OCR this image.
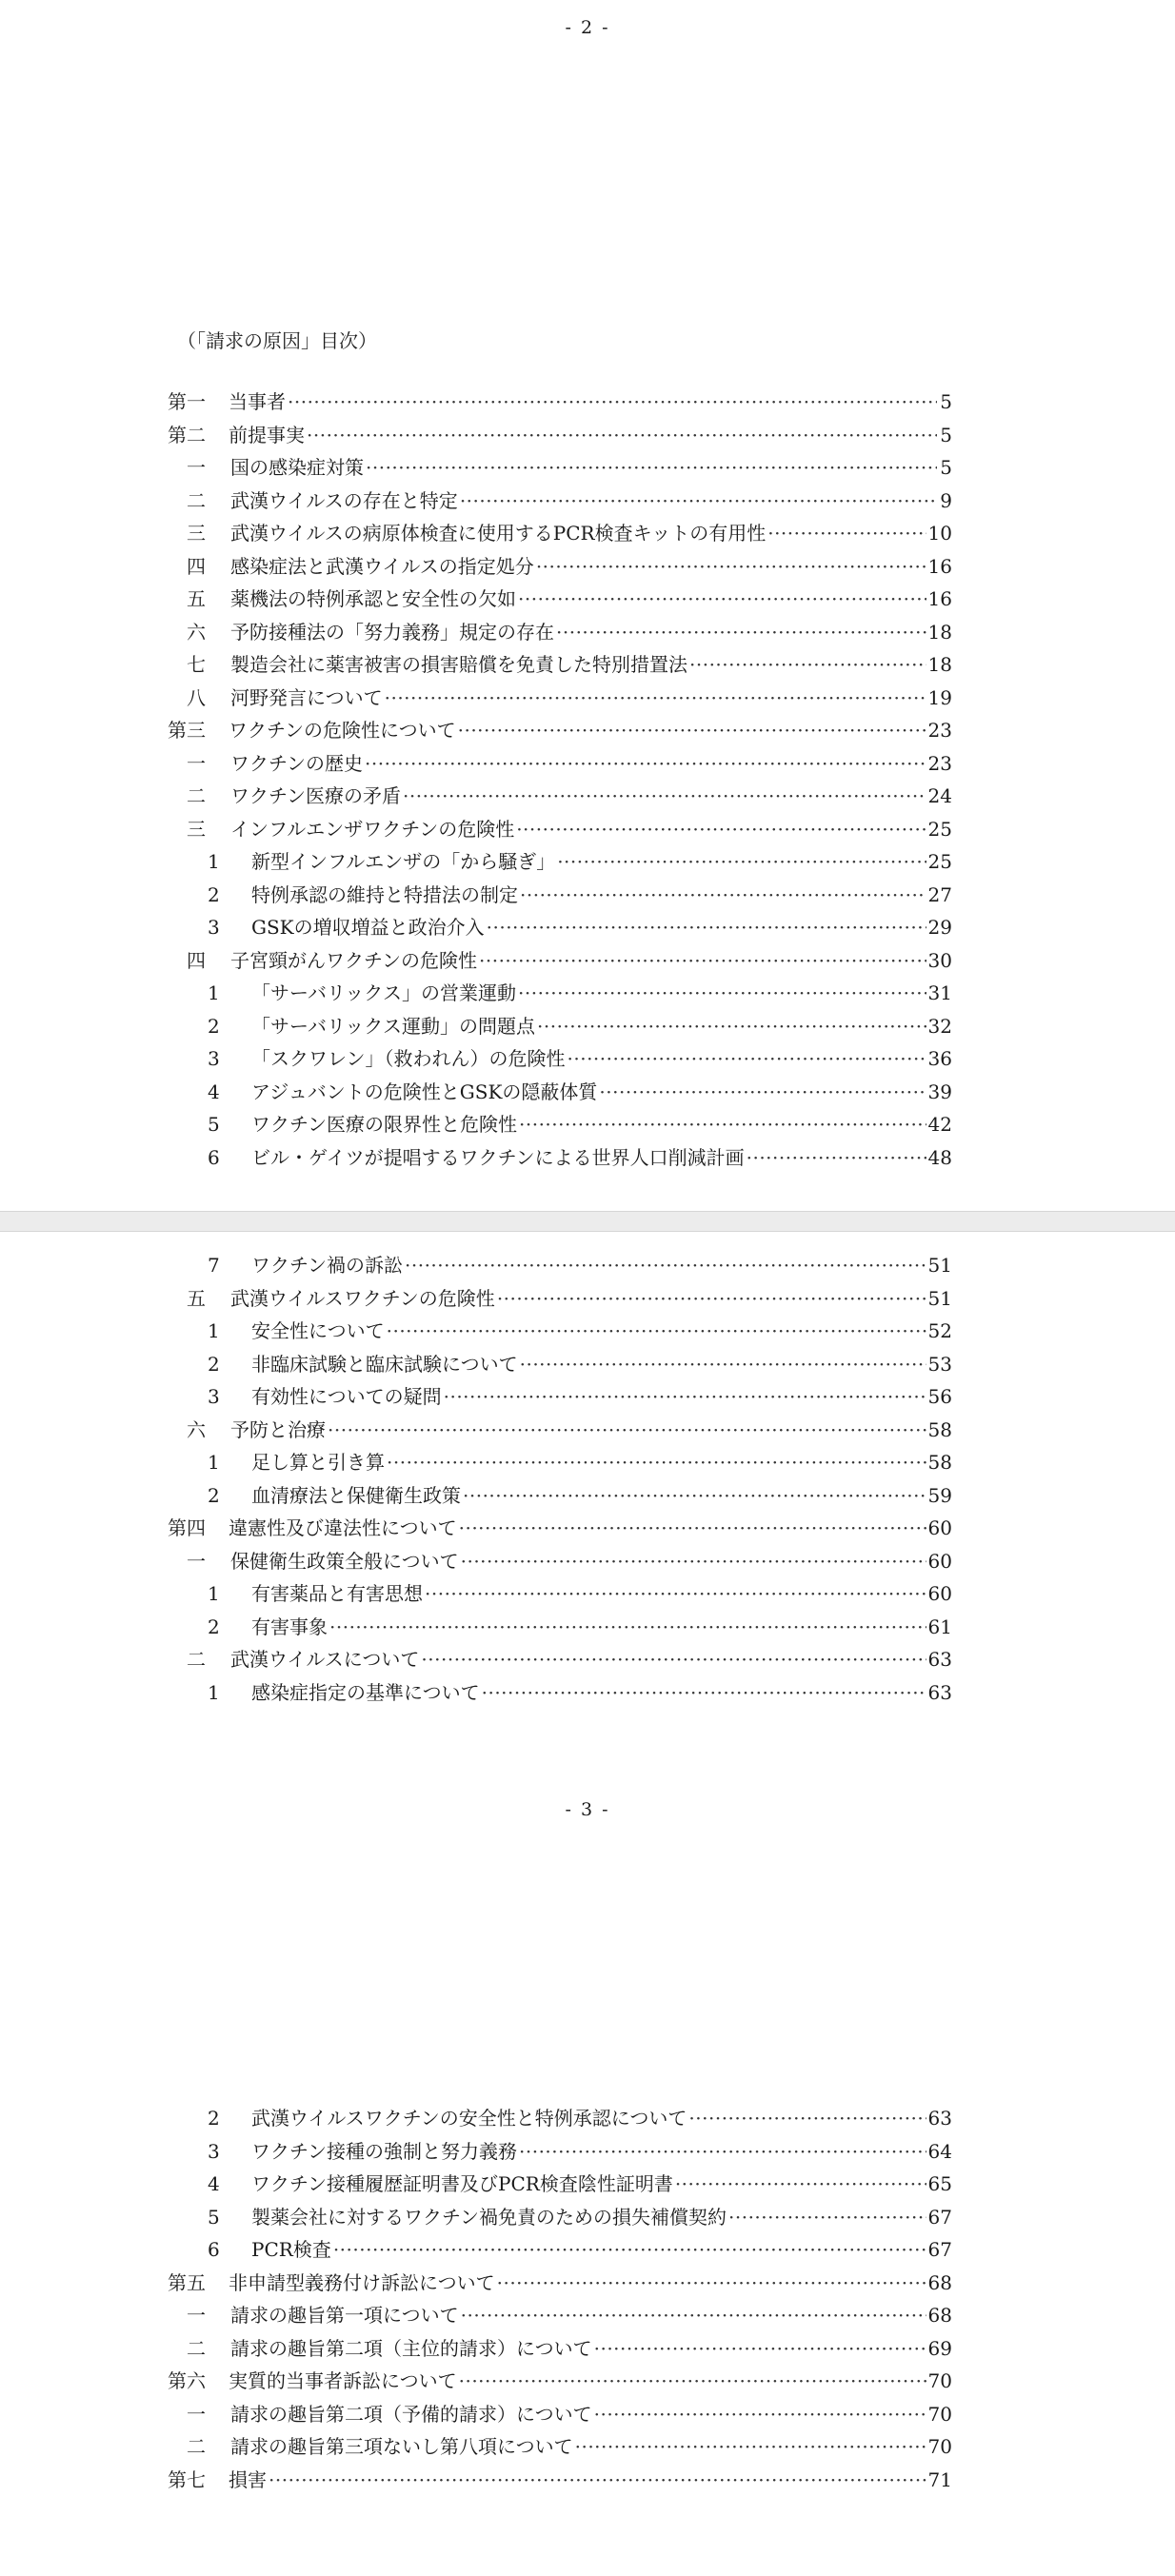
- 2 -
（「請求の原因」目次）
- 3 -
第一	当事者 ·····	5
第二	前提事実 ·····	5
一	国の感染症対策 ·····	5
二	武漢ウイルスの存在と特定 ·····	9
三	武漢ウイルスの病原体検査に使用するPCR検査キットの有用性 ·····	10
四	感染症法と武漢ウイルスの指定処分 ·····	16
五	薬機法の特例承認と安全性の欠如 ·····	16
六	予防接種法の「努力義務」規定の存在 ·····	18
七	製造会社に薬害被害の損害賠償を免責した特別措置法 ·····	18
八	河野発言について ·····	19
第三	ワクチンの危険性について ·····	23
一	ワクチンの歴史 ·····	23
二	ワクチン医療の矛盾 ·····	24
三	インフルエンザワクチンの危険性 ·····	25
1	新型インフルエンザの「から騒ぎ」 ·····	25
2	特例承認の維持と特措法の制定 ·····	27
3	GSKの増収増益と政治介入 ·····	29
四	子宮頸がんワクチンの危険性 ·····	30
1	「サーバリックス」の営業運動 ·····	31
2	「サーバリックス運動」の問題点 ·····	32
3	「スクワレン」（救われん）の危険性 ·····	36
4	アジュバントの危険性とGSKの隠蔽体質 ·····	39
5	ワクチン医療の限界性と危険性 ·····	42
6	ビル・ゲイツが提唱するワクチンによる世界人口削減計画 ·····	48
7	ワクチン禍の訴訟 ·····	51
五	武漢ウイルスワクチンの危険性 ·····	51
1	安全性について ·····	52
2	非臨床試験と臨床試験について ·····	53
3	有効性についての疑問 ·····	56
六	予防と治療 ·····	58
1	足し算と引き算 ·····	58
2	血清療法と保健衛生政策 ·····	59
第四	違憲性及び違法性について ·····	60
一	保健衛生政策全般について ·····	60
1	有害薬品と有害思想 ·····	60
2	有害事象 ·····	61
二	武漢ウイルスについて ·····	63
1	感染症指定の基準について ·····	63
2	武漢ウイルスワクチンの安全性と特例承認について ·····	63
3	ワクチン接種の強制と努力義務 ·····	64
4	ワクチン接種履歴証明書及びPCR検査陰性証明書 ·····	65
5	製薬会社に対するワクチン禍免責のための損失補償契約 ·····	67
6	PCR検査 ·····	67
第五	非申請型義務付け訴訟について ·····	68
一	請求の趣旨第一項について ·····	68
二	請求の趣旨第二項（主位的請求）について ·····	69
第六	実質的当事者訴訟について ·····	70
一	請求の趣旨第二項（予備的請求）について ·····	70
二	請求の趣旨第三項ないし第八項について ·····	70
第七	損害 ·····	71
